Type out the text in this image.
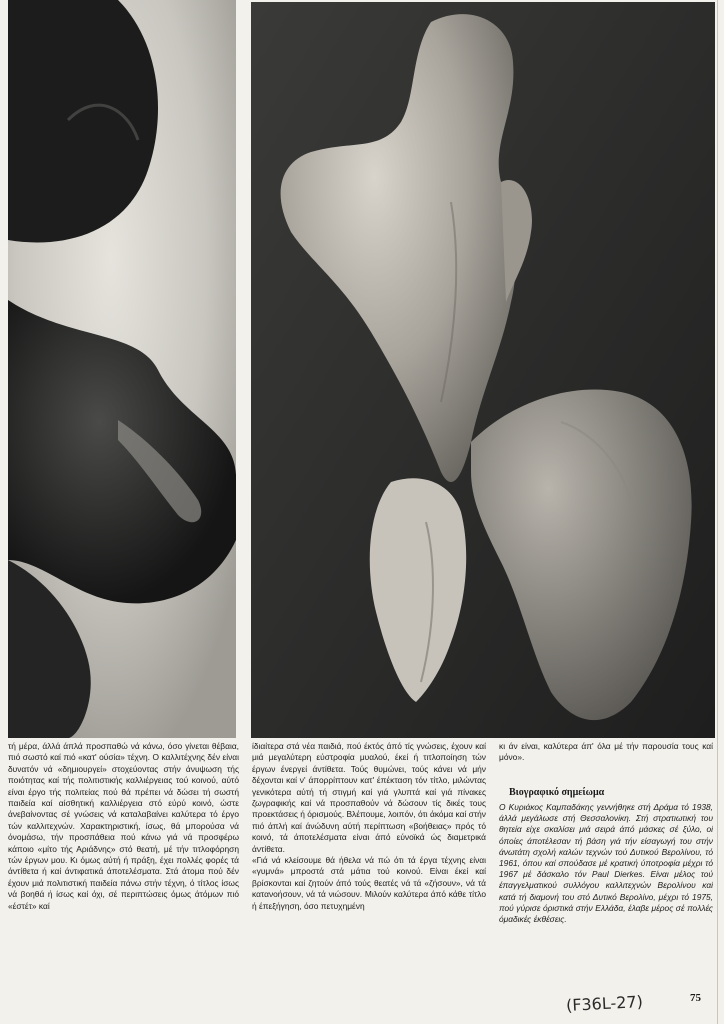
τή μέρα, άλλά άπλά προσπαθώ νά κάνω, όσο γίνεται θέβαια, πιό σωστό καί πιό «κατ' ούσία» τέχνη. Ο καλλιτέχνης δέν είναι δυνατόν νά «δημιουργεί» στοχεύοντας στήν άνυψωση τής ποιότητας καί τής πολιτιστικής καλλιέργειας τού κοινού, αύτό είναι έργο τής πολιτείας πού θά πρέπει νά δώσει τή σωστή παιδεία καί αίσθητική καλλιέργεια στό εύρύ κοινό, ώστε άνεβαίνοντας σέ γνώσεις νά καταλαβαίνει καλύτερα τό έργο τών καλλιτεχνών. Χαρακτηριστική, ίσως, θά μπορούσα νά όνομάσω, τήν προσπάθεια πού κάνω γιά νά προσφέρω κάποιο «μίτο τής Αριάδνης» στό θεατή, μέ τήν τιτλοφόρηση τών έργων μου. Κι όμως αύτή ή πράξη, έχει πολλές φορές τά άντίθετα ή καί άντιφατικά άποτελέσματα. Στά άτομα πού δέν έχουν μιά πολιτιστική παιδεία πάνω στήν τέχνη, ό τίτλος ίσως νά βοηθά ή ίσως καί όχι, σέ περιπτώσεις όμως άτόμων πιό «έστέτ» καί
ίδιαίτερα στά νέα παιδιά, πού έκτός άπό τίς γνώσεις, έχουν καί μιά μεγαλύτερη εύστροφία μυαλού, έκεί ή τιτλοποίηση τών έργων ένεργεί άντίθετα. Τούς θυμώνει, τούς κάνει νά μήν δέχονται καί ν' άπορρίπτουν κατ' έπέκταση τόν τίτλο, μιλώντας γενικότερα αύτή τή στιγμή καί γιά γλυπτά καί γιά πίνακες ζωγραφικής καί νά προσπαθούν νά δώσουν τίς δικές τους προεκτάσεις ή όρισμούς. Βλέπουμε, λοιπόν, ότι άκόμα καί στήν πιό άπλή καί άνώδυνη αύτή περίπτωση «βοήθειας» πρός τό κοινό, τά άποτελέσματα είναι άπό εύνοϊκά ώς διαμετρικά άντίθετα.
«Γιά νά κλείσουμε θά ήθελα νά πώ ότι τά έργα τέχνης είναι «γυμνά» μπροστά στά μάτια τού κοινού. Είναι έκεί καί βρίσκονται καί ζητούν άπό τούς θεατές νά τά «ζήσουν», νά τά κατανοήσουν, νά τά νιώσουν. Μιλούν καλύτερα άπό κάθε τίτλο ή έπεξήγηση, όσο πετυχημένη
κι άν είναι, καλύτερα άπ' όλα μέ τήν παρουσία τους καί μόνο».
Βιογραφικό σημείωμα
Ο Κυριάκος Καμπαδάκης γεννήθηκε στή Δράμα τό 1938, άλλά μεγάλωσε στή Θεσσαλονίκη. Στή στρατιωτική του θητεία είχε σκαλίσει μιά σειρά άπό μάσκες σέ ξύλο, οί όποίες άποτέλεσαν τή βάση γιά τήν είσαγωγή του στήν άνωτάτη σχολή καλών τεχνών τού Δυτικού Βερολίνου, τό 1961, όπου καί σπούδασε μέ κρατική ύποτροφία μέχρι τό 1967 μέ δάσκαλο τόν Paul Dierkes. Είναι μέλος τού έπαγγελματικού συλλόγου καλλιτεχνών Βερολίνου καί κατά τή διαμονή του στό Δυτικό Βερολίνο, μέχρι τό 1975, πού γύρισε όριστικά στήν Ελλάδα, έλαβε μέρος σέ πολλές όμαδικές έκθέσεις.
(F36L-27)	75
